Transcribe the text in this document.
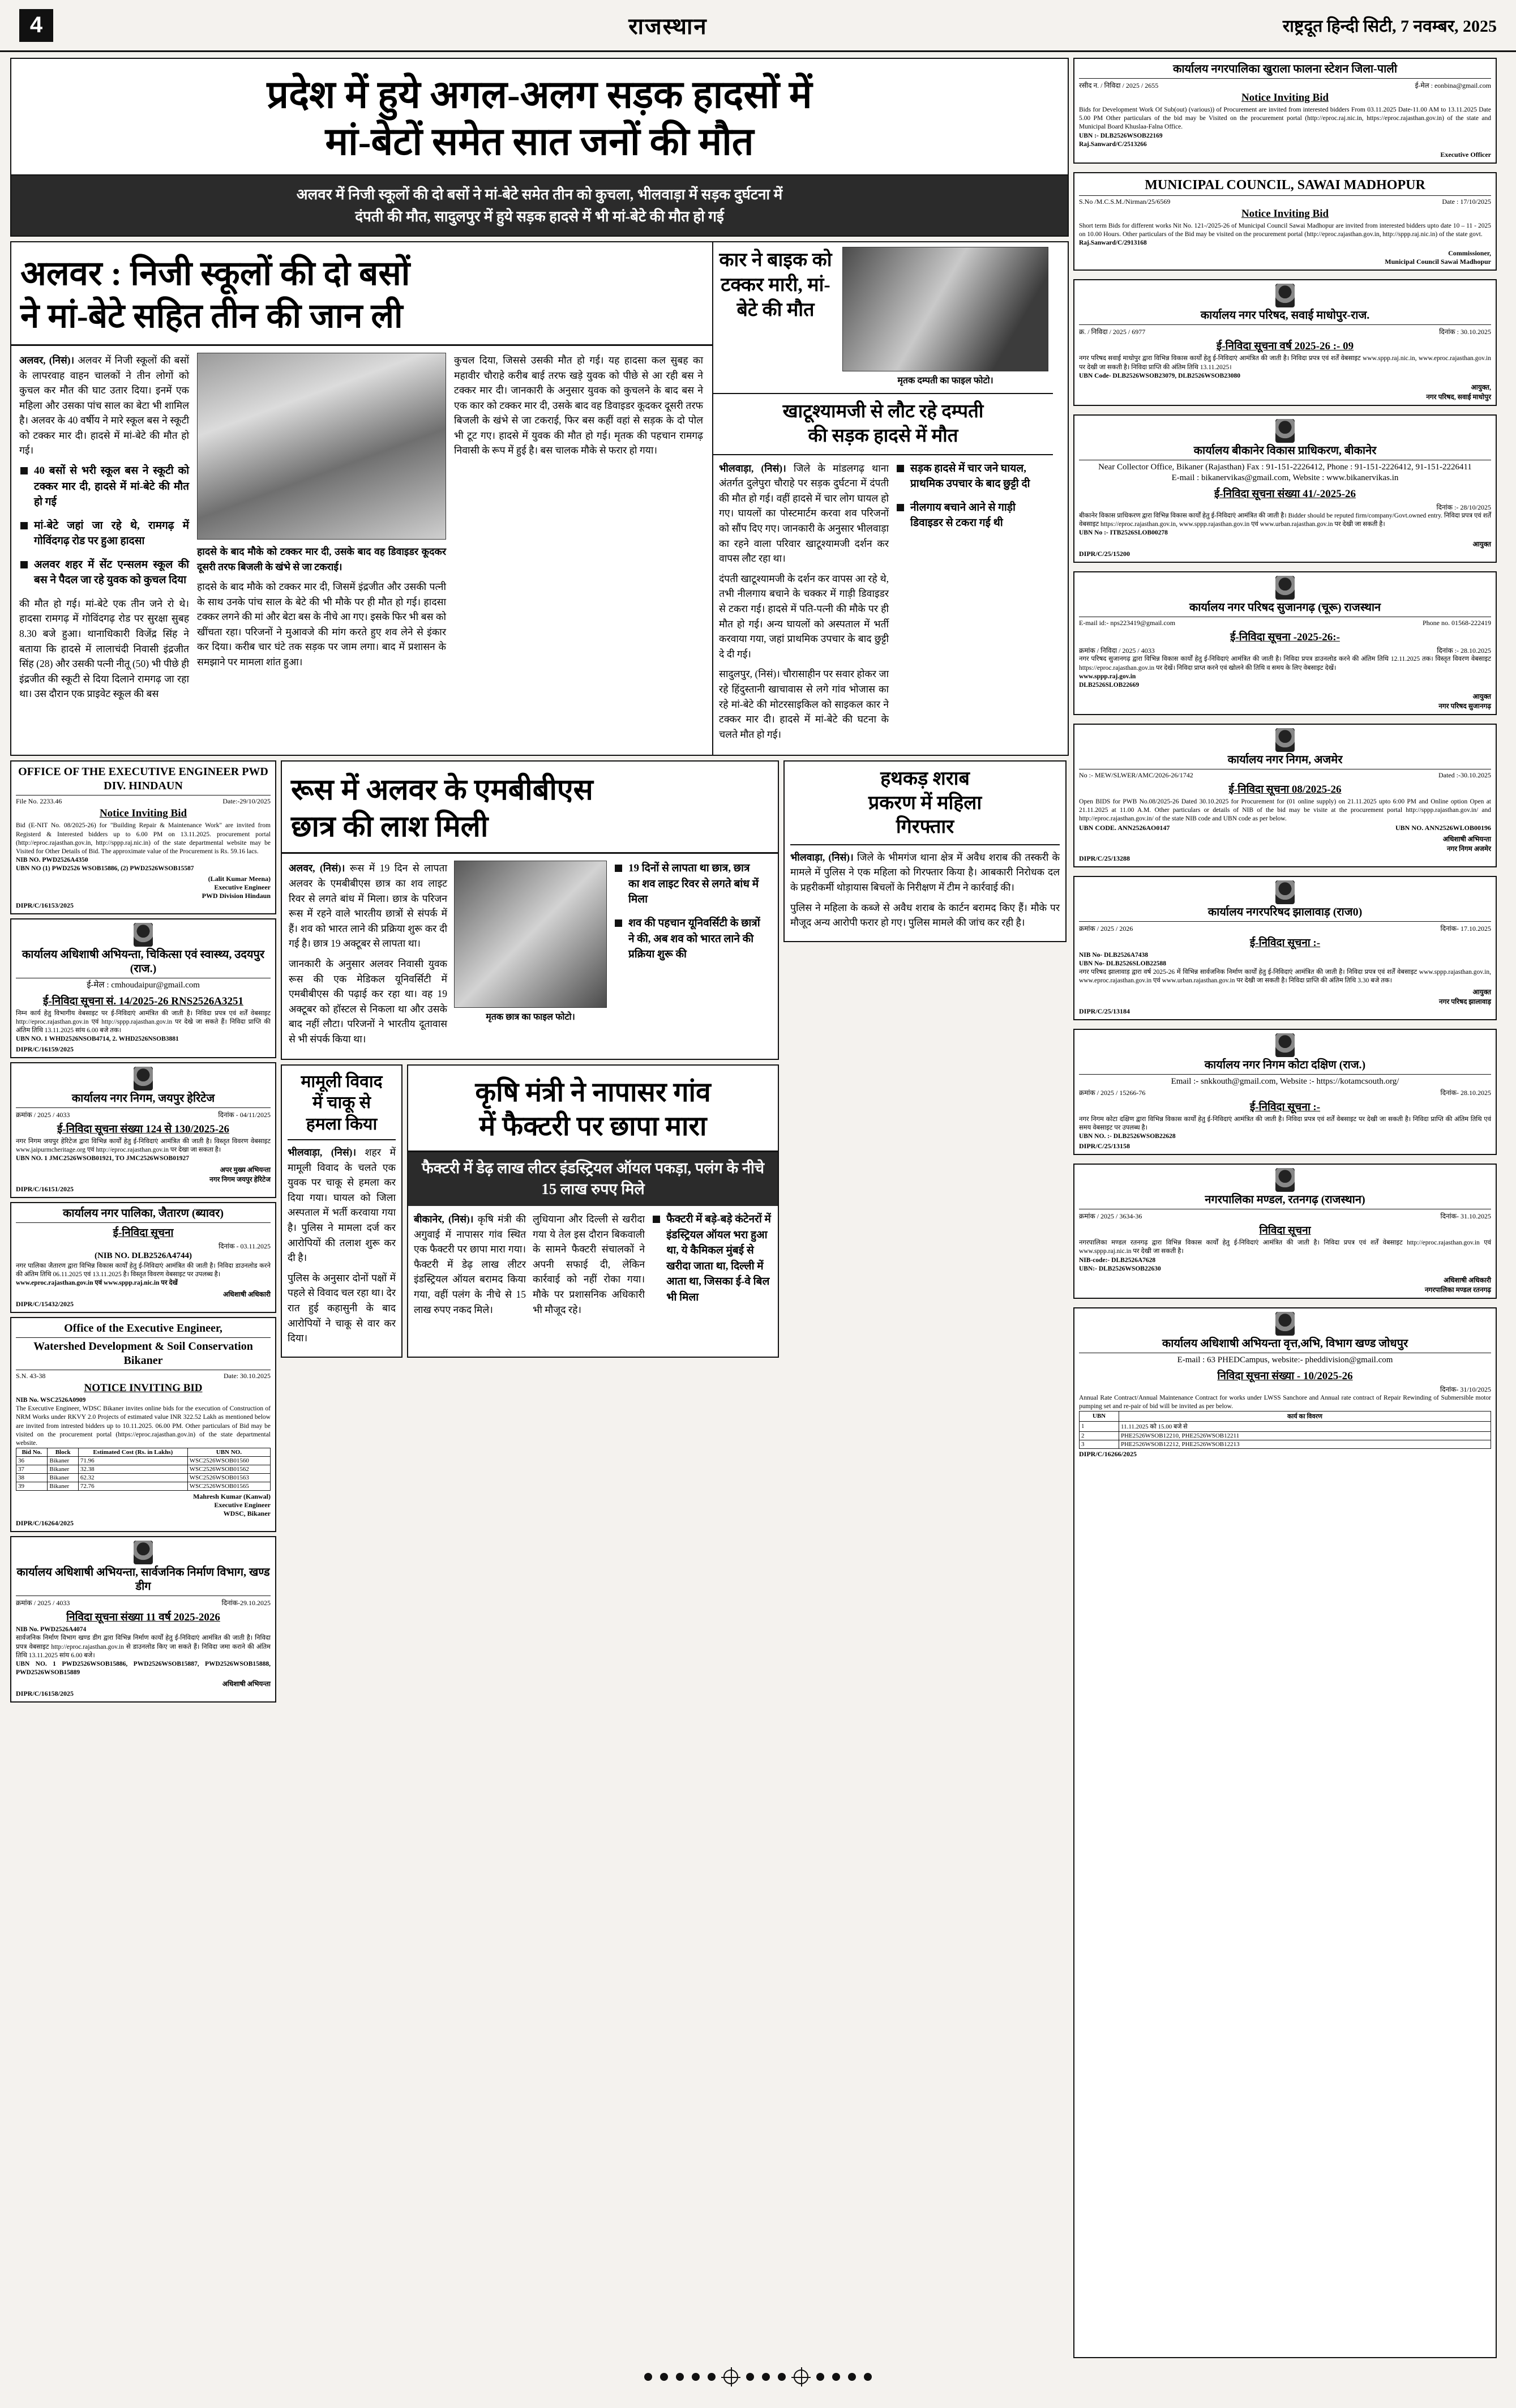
4	राजस्थान	राष्ट्रदूत हिन्दी सिटी, 7 नवम्बर, 2025
प्रदेश में हुये अगल-अलग सड़क हादसों में
मां-बेटों समेत सात जनों की मौत
अलवर में निजी स्कूलों की दो बसों ने मां-बेटे समेत तीन को कुचला, भीलवाड़ा में सड़क दुर्घटना में
दंपती की मौत, सादुलपुर में हुये सड़क हादसे में भी मां-बेटे की मौत हो गई
अलवर : निजी स्कूलों की दो बसों
ने मां-बेटे सहित तीन की जान ली

अलवर, (निसं)। अलवर में निजी स्कूलों की बसों के लापरवाह वाहन चालकों ने तीन लोगों को कुचल कर मौत की घाट उतार दिया। इनमें एक महिला और उसका पांच साल का बेटा भी शामिल है। अलवर के 40 वर्षीय ने मारे स्कूल बस ने स्कूटी को टक्कर मार दी। हादसे में मां-बेटे की मौत हो गई।

40 बसों से भरी स्कूल बस ने स्कूटी को टक्कर मार दी, हादसे में मां-बेटे की मौत हो गई
मां-बेटे जहां जा रहे थे, रामगढ़ में गोविंदगढ़ रोड पर हुआ हादसा
अलवर शहर में सेंट एन्सलम स्कूल की बस ने पैदल जा रहे युवक को कुचल दिया

की मौत हो गई। मां-बेटे एक तीन जने रो थे। हादसा रामगढ़ में गोविंदगढ़ रोड पर सुरक्षा सुबह 8.30 बजे हुआ। थानाधिकारी विजेंद्र सिंह ने बताया कि हादसे में लालाचंदी निवासी इंद्रजीत सिंह (28) और उसकी पत्नी नीतू (50) भी पीछे ही इंद्रजीत की स्कूटी से दिया दिलाने रामगढ़ जा रहा था। उस दौरान एक प्राइवेट स्कूल की बस

हादसे के बाद मौके को टक्कर मार दी, उसके बाद वह डिवाइडर कूदकर दूसरी तरफ बिजली के खंभे से जा टकराई।

हादसे के बाद मौके को टक्कर मार दी, जिसमें इंद्रजीत और उसकी पत्नी के साथ उनके पांच साल के बेटे की भी मौके पर ही मौत हो गई। हादसा टक्कर लगने की मां और बेटा बस के नीचे आ गए। इसके फिर भी बस को खींचता रहा। परिजनों ने मुआवजे की मांग करते हुए शव लेने से इंकार कर दिया। करीब चार घंटे तक सड़क पर जाम लगा। बाद में प्रशासन के समझाने पर मामला शांत हुआ।

कुचल दिया, जिससे उसकी मौत हो गई। यह हादसा कल सुबह का महावीर चौराहे करीब बाई तरफ खड़े युवक को पीछे से आ रही बस ने टक्कर मार दी। जानकारी के अनुसार युवक को कुचलने के बाद बस ने एक कार को टक्कर मार दी, उसके बाद वह डिवाइडर कूदकर दूसरी तरफ बिजली के खंभे से जा टकराई, फिर बस कहीं वहां से सड़क के दो पोल भी टूट गए। हादसे में युवक की मौत हो गई। मृतक की पहचान रामगढ़ निवासी के रूप में हुई है। बस चालक मौके से फरार हो गया।

कार ने बाइक को टक्कर मारी, मां-बेटे की मौत
मृतक दम्पती का फाइल फोटो।
खाटूश्यामजी से लौट रहे दम्पती
की सड़क हादसे में मौत

भीलवाड़ा, (निसं)। जिले के मांडलगढ़ थाना अंतर्गत दुलेपुरा चौराहे पर सड़क दुर्घटना में दंपती की मौत हो गई। वहीं हादसे में चार लोग घायल हो गए। घायलों का पोस्टमार्टम करवा शव परिजनों को सौंप दिए गए। जानकारी के अनुसार भीलवाड़ा का रहने वाला परिवार खाटूश्यामजी दर्शन कर वापस लौट रहा था।

दंपती खाटूश्यामजी के दर्शन कर वापस आ रहे थे, तभी नीलगाय बचाने के चक्कर में गाड़ी डिवाइडर से टकरा गई। हादसे में पति-पत्नी की मौके पर ही मौत हो गई। अन्य घायलों को अस्पताल में भर्ती करवाया गया, जहां प्राथमिक उपचार के बाद छुट्टी दे दी गई।

सादुलपुर, (निसं)। चौरासाहीन पर सवार होकर जा रहे हिंदुस्तानी खाचावास से लगे गांव भोजास का रहे मां-बेटे की मोटरसाइकिल को साइकल कार ने टक्कर मार दी। हादसे में मां-बेटे की घटना के चलते मौत हो गई।

सड़क हादसे में चार जने घायल, प्राथमिक उपचार के बाद छुट्टी दी
नीलगाय बचाने आने से गाड़ी डिवाइडर से टकरा गई थी
OFFICE OF THE EXECUTIVE ENGINEER PWD DIV. HINDAUN
File No. 2233.46	Date:-29/10/2025
Notice Inviting Bid
Bid (E-NIT No. 08/2025-26) for "Building Repair & Maintenance Work" are invited from Registerd & Interested bidders up to 6.00 PM on 13.11.2025. procurement portal (http://eproc.rajasthan.gov.in, http://sppp.raj.nic.in) of the state departmental website may be Visited for Other Details of Bid. The approximate value of the Procurement is Rs. 59.16 lacs.
NIB NO. PWD2526A4350
UBN NO (1) PWD2526 WSOB15886, (2) PWD2526WSOB15587
(Lalit Kumar Meena)
Executive Engineer
PWD Division Hindaun
DIPR/C/16153/2025
कार्यालय अधिशाषी अभियन्ता, चिकित्सा एवं स्वास्थ्य, उदयपुर (राज.)
ई-मेल : cmhoudaipur@gmail.com
ई-निविदा सूचना सं. 14/2025-26 RNS2526A3251
निम्न कार्य हेतु विभागीय वेबसाइट पर ई-निविदाएं आमंत्रित की जाती है। निविदा प्रपत्र एवं शर्तें वेबसाइट http://eproc.rajasthan.gov.in एवं http://sppp.rajasthan.gov.in पर देखे जा सकते हैं। निविदा प्राप्ति की अंतिम तिथि 13.11.2025 सांय 6.00 बजे तक।
UBN NO. 1 WHD2526NSOB4714, 2. WHD2526NSOB3881
DIPR/C/16159/2025
कार्यालय नगर निगम, जयपुर हेरिटेज
क्रमांक / 2025 / 4033	दिनांक - 04/11/2025
ई-निविदा सूचना संख्या 124 से 130/2025-26
नगर निगम जयपुर हेरिटेज द्वारा विभिन्न कार्यों हेतु ई-निविदाएं आमंत्रित की जाती है। विस्तृत विवरण वेबसाइट www.jaipurmcheritage.org एवं http://eproc.rajasthan.gov.in पर देखा जा सकता है।
UBN NO. 1 JMC2526WSOB01921, TO JMC2526WSOB01927
अपर मुख्य अभियन्ता
नगर निगम जयपुर हेरिटेज
DIPR/C/16151/2025
कार्यालय नगर पालिका, जैतारण (ब्यावर)
ई-निविदा सूचना
दिनांक - 03.11.2025
(NIB NO. DLB2526A4744)
नगर पालिका जैतारण द्वारा विभिन्न विकास कार्यों हेतु ई-निविदाएं आमंत्रित की जाती है। निविदा डाउनलोड करने की अंतिम तिथि 06.11.2025 एवं 13.11.2025 है। विस्तृत विवरण वेबसाइट पर उपलब्ध है।
www.eproc.rajasthan.gov.in एवं www.sppp.raj.nic.in पर देखें
अधिशाषी अधिकारी
DIPR/C/15432/2025
Office of the Executive Engineer,
Watershed Development & Soil Conservation Bikaner
S.N. 43-38	Date: 30.10.2025
NOTICE INVITING BID
NIB No. WSC2526A0909
The Executive Engineer, WDSC Bikaner invites online bids for the execution of Construction of NRM Works under RKVY 2.0 Projects of estimated value INR 322.52 Lakh as mentioned below are invited from intrested bidders up to 10.11.2025. 06.00 PM. Other particulars of Bid may be visited on the procurement portal (https://eproc.rajasthan.gov.in) of the state departmental website.
Bid No.	Block	Estimated Cost (Rs. in Lakhs)	UBN NO.
36	Bikaner	71.96	WSC2526WSOB01560
37	Bikaner	32.38	WSC2526WSOB01562
38	Bikaner	62.32	WSC2526WSOB01563
39	Bikaner	72.76	WSC2526WSOB01565
Mahresh Kumar (Kanwal)
Executive Engineer
WDSC, Bikaner
DIPR/C/16264/2025
कार्यालय अधिशाषी अभियन्ता, सार्वजनिक निर्माण विभाग, खण्ड डीग
क्रमांक / 2025 / 4033	दिनांक-29.10.2025
निविदा सूचना संख्या 11 वर्ष 2025-2026
NIB No. PWD2526A4074
सार्वजनिक निर्माण विभाग खण्ड डीग द्वारा विभिन्न निर्माण कार्यों हेतु ई-निविदाएं आमंत्रित की जाती है। निविदा प्रपत्र वेबसाइट http://eproc.rajasthan.gov.in से डाउनलोड किए जा सकते हैं। निविदा जमा कराने की अंतिम तिथि 13.11.2025 सांय 6.00 बजे।
UBN NO. 1 PWD2526WSOB15886, PWD2526WSOB15887, PWD2526WSOB15888, PWD2526WSOB15889
अधिशाषी अभियन्ता
DIPR/C/16158/2025
रूस में अलवर के एमबीबीएस
छात्र की लाश मिली

अलवर, (निसं)। रूस में 19 दिन से लापता अलवर के एमबीबीएस छात्र का शव लाइट रिवर से लगते बांध में मिला। छात्र के परिजन रूस में रहने वाले भारतीय छात्रों से संपर्क में हैं। शव को भारत लाने की प्रक्रिया शुरू कर दी गई है। छात्र 19 अक्टूबर से लापता था।

जानकारी के अनुसार अलवर निवासी युवक रूस की एक मेडिकल यूनिवर्सिटी में एमबीबीएस की पढ़ाई कर रहा था। वह 19 अक्टूबर को हॉस्टल से निकला था और उसके बाद नहीं लौटा। परिजनों ने भारतीय दूतावास से भी संपर्क किया था।

मृतक छात्र का फाइल फोटो।
19 दिनों से लापता था छात्र, छात्र का शव लाइट रिवर से लगते बांध में मिला
शव की पहचान यूनिवर्सिटी के छात्रों ने की, अब शव को भारत लाने की प्रक्रिया शुरू की
मामूली विवाद
में चाकू से
हमला किया

भीलवाड़ा, (निसं)। शहर में मामूली विवाद के चलते एक युवक पर चाकू से हमला कर दिया गया। घायल को जिला अस्पताल में भर्ती करवाया गया है। पुलिस ने मामला दर्ज कर आरोपियों की तलाश शुरू कर दी है।

पुलिस के अनुसार दोनों पक्षों में पहले से विवाद चल रहा था। देर रात हुई कहासुनी के बाद आरोपियों ने चाकू से वार कर दिया।

कृषि मंत्री ने नापासर गांव
में फैक्टरी पर छापा मारा
फैक्टरी में डेढ़ लाख लीटर इंडस्ट्रियल ऑयल पकड़ा, पलंग के नीचे 15 लाख रुपए मिले

बीकानेर, (निसं)। कृषि मंत्री की अगुवाई में नापासर गांव स्थित एक फैक्टरी पर छापा मारा गया। फैक्टरी में डेढ़ लाख लीटर इंडस्ट्रियल ऑयल बरामद किया गया, वहीं पलंग के नीचे से 15 लाख रुपए नकद मिले।

लुधियाना और दिल्ली से खरीदा गया ये तेल इस दौरान बिकवाली के सामने फैक्टरी संचालकों ने अपनी सफाई दी, लेकिन कार्रवाई को नहीं रोका गया। मौके पर प्रशासनिक अधिकारी भी मौजूद रहे।

फैक्टरी में बड़े-बड़े कंटेनरों में इंडस्ट्रियल ऑयल भरा हुआ था, ये कैमिकल मुंबई से खरीदा जाता था, दिल्ली में आता था, जिसका ई-वे बिल भी मिला
हथकड़ शराब
प्रकरण में महिला
गिरफ्तार

भीलवाड़ा, (निसं)। जिले के भीमगंज थाना क्षेत्र में अवैध शराब की तस्करी के मामले में पुलिस ने एक महिला को गिरफ्तार किया है। आबकारी निरोधक दल के प्रहरीकर्मी थोड़ायास बिचलों के निरीक्षण में टीम ने कार्रवाई की।

पुलिस ने महिला के कब्जे से अवैध शराब के कार्टन बरामद किए हैं। मौके पर मौजूद अन्य आरोपी फरार हो गए। पुलिस मामले की जांच कर रही है।

कार्यालय नगरपालिका खुराला फालना स्टेशन जिला-पाली
रसीद न. / निविदा / 2025 / 2655	ई-मेल : eonbina@gmail.com
Notice Inviting Bid
Bids for Development Work Of Sub(out) (various)) of Procurement are invited from interested bidders From 03.11.2025 Date-11.00 AM to 13.11.2025 Date 5.00 PM Other particulars of the bid may be Visited on the procurement portal (http://eproc.raj.nic.in, https://eproc.rajasthan.gov.in) of the state and Municipal Board Khuslaa-Falna Office.
UBN :- DLB2526WSOB22169
Raj.Sanward/C/2513266
Executive Officer
MUNICIPAL COUNCIL, SAWAI MADHOPUR
S.No /M.C.S.M./Nirman/25/6569	Date : 17/10/2025
Notice Inviting Bid
Short term Bids for different works Nit No. 121-/2025-26 of Municipal Council Sawai Madhopur are invited from interested bidders upto date 10 – 11 - 2025 on 10.00 Hours. Other particulars of the Bid may be visited on the procurement portal (http://eproc.rajasthan.gov.in, http://sppp.raj.nic.in) of the state govt.
Raj.Sanward/C/2913168
Commissioner,
Municipal Council Sawai Madhopur
कार्यालय नगर परिषद, सवाई माधोपुर-राज.
क्र. / निविदा / 2025 / 6977	दिनांक : 30.10.2025
ई-निविदा सूचना वर्ष 2025-26 :- 09
नगर परिषद सवाई माधोपुर द्वारा विभिन्न विकास कार्यों हेतु ई-निविदाएं आमंत्रित की जाती है। निविदा प्रपत्र एवं शर्तें वेबसाइट www.sppp.raj.nic.in, www.eproc.rajasthan.gov.in पर देखी जा सकती है। निविदा प्राप्ति की अंतिम तिथि 13.11.2025।
UBN Code- DLB2526WSOB23079, DLB2526WSOB23080
आयुक्त,
नगर परिषद, सवाई माधोपुर
कार्यालय बीकानेर विकास प्राधिकरण, बीकानेर
Near Collector Office, Bikaner (Rajasthan) Fax : 91-151-2226412, Phone : 91-151-2226412, 91-151-2226411
E-mail : bikanervikas@gmail.com, Website : www.bikanervikas.in
ई-निविदा सूचना संख्या 41/-2025-26
दिनांक :- 28/10/2025
बीकानेर विकास प्राधिकरण द्वारा विभिन्न विकास कार्यों हेतु ई-निविदाएं आमंत्रित की जाती है। Bidder should be reputed firm/company/Govt.owned entry. निविदा प्रपत्र एवं शर्तें वेबसाइट https://eproc.rajasthan.gov.in, www.sppp.rajasthan.gov.in एवं www.urban.rajasthan.gov.in पर देखी जा सकती है।
UBN No :- ITB2526SLOB00278
आयुक्त
DIPR/C/25/15200
कार्यालय नगर परिषद सुजानगढ़ (चूरू) राजस्थान
E-mail id:- nps223419@gmail.com	Phone no. 01568-222419
ई-निविदा सूचना -2025-26:-
क्रमांक / निविदा / 2025 / 4033	दिनांक :- 28.10.2025
नगर परिषद सुजानगढ़ द्वारा विभिन्न विकास कार्यों हेतु ई-निविदाएं आमंत्रित की जाती है। निविदा प्रपत्र डाउनलोड करने की अंतिम तिथि 12.11.2025 तक। विस्तृत विवरण वेबसाइट https://eproc.rajasthan.gov.in पर देखें। निविदा प्राप्त करने एवं खोलने की तिथि व समय के लिए वेबसाइट देखें।
www.sppp.raj.gov.in
DLB2526SLOB22669
आयुक्त
नगर परिषद सुजानगढ़
कार्यालय नगर निगम, अजमेर
No :- MEW/SLWER/AMC/2026-26/1742	Dated :-30.10.2025
ई-निविदा सूचना 08/2025-26
Open BIDS for PWB No.08/2025-26 Dated 30.10.2025 for Procurement for (01 online supply) on 21.11.2025 upto 6:00 PM and Online option Open at 21.11.2025 at 11.00 A.M. Other particulars or details of NIB of the bid may be visite at the procurement portal http://sppp.rajasthan.gov.in/ and http://eproc.rajasthan.gov.in/ of the state NIB code and UBN code as per below.
UBN CODE. ANN2526AO0147	UBN NO. ANN2526WLOB00196
अधिशाषी अभियन्ता
नगर निगम अजमेर
DIPR/C/25/13288
कार्यालय नगरपरिषद झालावाड़ (राज0)
क्रमांक / 2025 / 2026	दिनांक- 17.10.2025
ई-निविदा सूचना :-
NIB No- DLB2526A7438
UBN No- DLB2526SLOB22588
नगर परिषद झालावाड़ द्वारा वर्ष 2025-26 में विभिन्न सार्वजनिक निर्माण कार्यों हेतु ई-निविदाएं आमंत्रित की जाती है। निविदा प्रपत्र एवं शर्तें वेबसाइट www.sppp.rajasthan.gov.in, www.eproc.rajasthan.gov.in एवं www.urban.rajasthan.gov.in पर देखी जा सकती है। निविदा प्राप्ति की अंतिम तिथि 3.30 बजे तक।
आयुक्त
नगर परिषद झालावाड़
DIPR/C/25/13184
कार्यालय नगर निगम कोटा दक्षिण (राज.)
Email :- snkkouth@gmail.com, Website :- https://kotamcsouth.org/
क्रमांक / 2025 / 15266-76	दिनांक- 28.10.2025
ई-निविदा सूचना :-
नगर निगम कोटा दक्षिण द्वारा विभिन्न विकास कार्यों हेतु ई-निविदाएं आमंत्रित की जाती है। निविदा प्रपत्र एवं शर्तें वेबसाइट पर देखी जा सकती है। निविदा प्राप्ति की अंतिम तिथि एवं समय वेबसाइट पर उपलब्ध है।
UBN NO. :- DLB2526WSOB22628
DIPR/C/25/13158
नगरपालिका मण्डल, रतनगढ़ (राजस्थान)
क्रमांक / 2025 / 3634-36	दिनांक- 31.10.2025
निविदा सूचना
नगरपालिका मण्डल रतनगढ़ द्वारा विभिन्न विकास कार्यों हेतु ई-निविदाएं आमंत्रित की जाती है। निविदा प्रपत्र एवं शर्तें वेबसाइट http://eproc.rajasthan.gov.in एवं www.sppp.raj.nic.in पर देखी जा सकती है।
NIB-code:- DLB2526A7628
UBN:- DLB2526WSOB22630
अधिशाषी अधिकारी
नगरपालिका मण्डल रतनगढ़
कार्यालय अधिशाषी अभियन्ता वृत्त,अभि, विभाग खण्ड जोधपुर
E-mail : 63 PHEDCampus, website:- pheddivision@gmail.com
निविदा सूचना संख्या - 10/2025-26
दिनांक- 31/10/2025
Annual Rate Contract/Annual Maintenance Contract for works under LWSS Sanchore and Annual rate contract of Repair Rewinding of Submersible motor pumping set and re-pair of bid will be invited as per below.
UBN	कार्य का विवरण
1	11.11.2025 को 15.00 बजे से
2	PHE2526WSOB12210, PHE2526WSOB12211
3	PHE2526WSOB12212, PHE2526WSOB12213
DIPR/C/16266/2025
